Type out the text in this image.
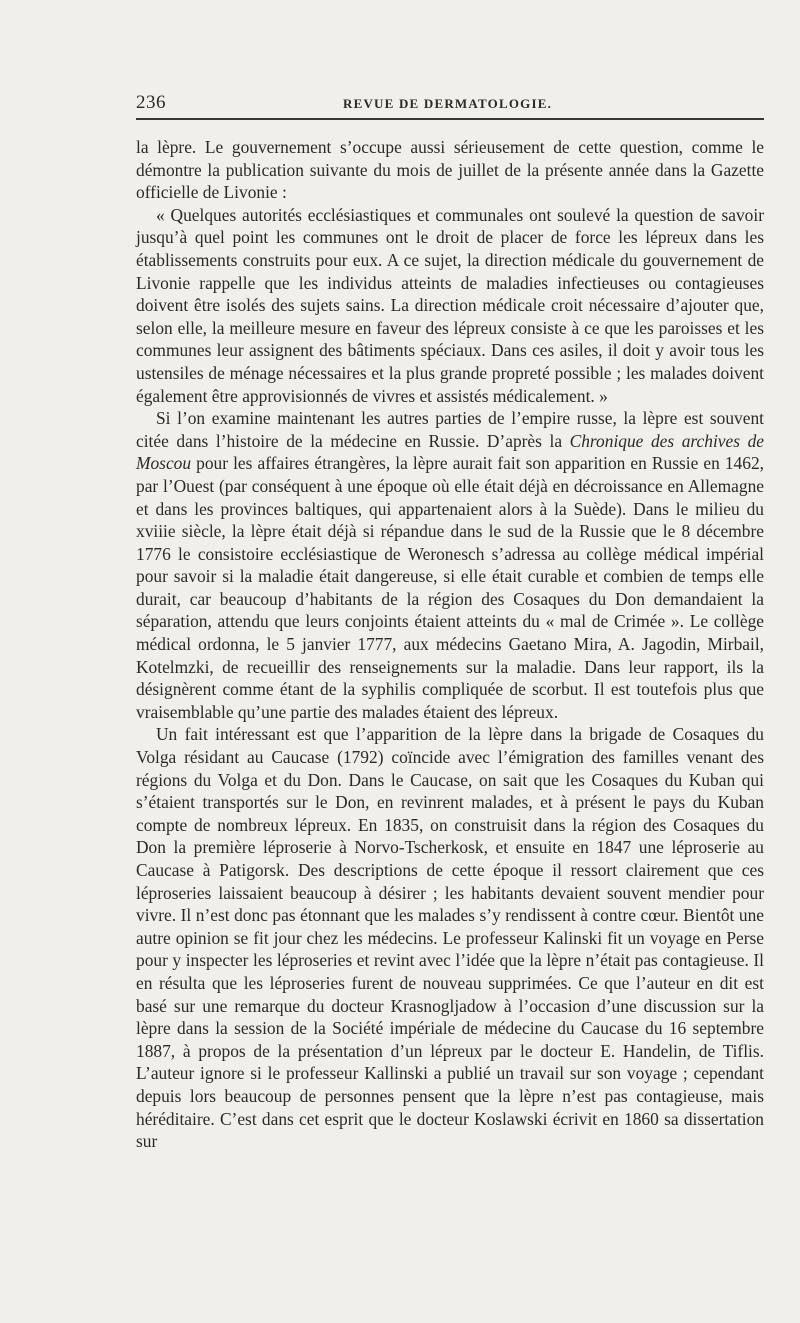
236	REVUE DE DERMATOLOGIE.

la lèpre. Le gouvernement s’occupe aussi sérieusement de cette question, comme le démontre la publication suivante du mois de juillet de la présente année dans la Gazette officielle de Livonie :

« Quelques autorités ecclésiastiques et communales ont soulevé la question de savoir jusqu’à quel point les communes ont le droit de placer de force les lépreux dans les établissements construits pour eux. A ce sujet, la direction médicale du gouvernement de Livonie rappelle que les individus atteints de maladies infectieuses ou contagieuses doivent être isolés des sujets sains. La direction médicale croit nécessaire d’ajouter que, selon elle, la meilleure mesure en faveur des lépreux consiste à ce que les paroisses et les communes leur assignent des bâtiments spéciaux. Dans ces asiles, il doit y avoir tous les ustensiles de ménage nécessaires et la plus grande propreté possible ; les malades doivent également être approvisionnés de vivres et assistés médicalement. »

Si l’on examine maintenant les autres parties de l’empire russe, la lèpre est souvent citée dans l’histoire de la médecine en Russie. D’après la Chronique des archives de Moscou pour les affaires étrangères, la lèpre aurait fait son apparition en Russie en 1462, par l’Ouest (par conséquent à une époque où elle était déjà en décroissance en Allemagne et dans les provinces baltiques, qui appartenaient alors à la Suède). Dans le milieu du xviiie siècle, la lèpre était déjà si répandue dans le sud de la Russie que le 8 décembre 1776 le consistoire ecclésiastique de Weronesch s’adressa au collège médical impérial pour savoir si la maladie était dangereuse, si elle était curable et combien de temps elle durait, car beaucoup d’habitants de la région des Cosaques du Don demandaient la séparation, attendu que leurs conjoints étaient atteints du « mal de Crimée ». Le collège médical ordonna, le 5 janvier 1777, aux médecins Gaetano Mira, A. Jagodin, Mirbail, Kotelmzki, de recueillir des renseignements sur la maladie. Dans leur rapport, ils la désignèrent comme étant de la syphilis compliquée de scorbut. Il est toutefois plus que vraisemblable qu’une partie des malades étaient des lépreux.

Un fait intéressant est que l’apparition de la lèpre dans la brigade de Cosaques du Volga résidant au Caucase (1792) coïncide avec l’émigration des familles venant des régions du Volga et du Don. Dans le Caucase, on sait que les Cosaques du Kuban qui s’étaient transportés sur le Don, en revinrent malades, et à présent le pays du Kuban compte de nombreux lépreux. En 1835, on construisit dans la région des Cosaques du Don la première léproserie à Norvo-Tscherkosk, et ensuite en 1847 une léproserie au Caucase à Patigorsk. Des descriptions de cette époque il ressort clairement que ces léproseries laissaient beaucoup à désirer ; les habitants devaient souvent mendier pour vivre. Il n’est donc pas étonnant que les malades s’y rendissent à contre cœur. Bientôt une autre opinion se fit jour chez les médecins. Le professeur Kalinski fit un voyage en Perse pour y inspecter les léproseries et revint avec l’idée que la lèpre n’était pas contagieuse. Il en résulta que les léproseries furent de nouveau supprimées. Ce que l’auteur en dit est basé sur une remarque du docteur Krasnogljadow à l’occasion d’une discussion sur la lèpre dans la session de la Société impériale de médecine du Caucase du 16 septembre 1887, à propos de la présentation d’un lépreux par le docteur E. Handelin, de Tiflis. L’auteur ignore si le professeur Kallinski a publié un travail sur son voyage ; cependant depuis lors beaucoup de personnes pensent que la lèpre n’est pas contagieuse, mais héréditaire. C’est dans cet esprit que le docteur Koslawski écrivit en 1860 sa dissertation sur
